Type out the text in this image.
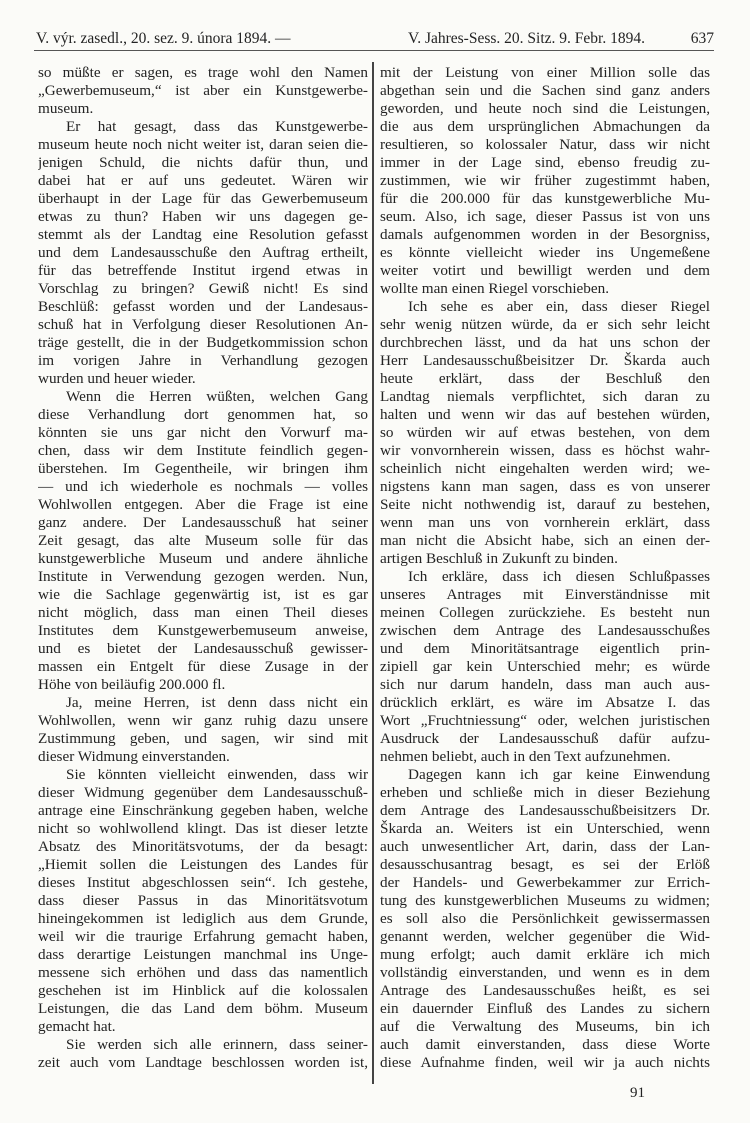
V. výr. zasedl., 20. sez. 9. února 1894. —	V. Jahres-Sess. 20. Sitz. 9. Febr. 1894.	637
so müßte er sagen, es trage wohl den Namen
„Gewerbemuseum,“ ist aber ein Kunstgewerbe-
museum.
Er hat gesagt, dass das Kunstgewerbe-
museum heute noch nicht weiter ist, daran seien die-
jenigen Schuld, die nichts dafür thun, und
dabei hat er auf uns gedeutet. Wären wir
überhaupt in der Lage für das Gewerbemuseum
etwas zu thun? Haben wir uns dagegen ge-
stemmt als der Landtag eine Resolution gefasst
und dem Landesausschuße den Auftrag ertheilt,
für das betreffende Institut irgend etwas in
Vorschlag zu bringen? Gewiß nicht! Es sind
Beschlüß: gefasst worden und der Landesaus-
schuß hat in Verfolgung dieser Resolutionen An-
träge gestellt, die in der Budgetkommission schon
im vorigen Jahre in Verhandlung gezogen
wurden und heuer wieder.
Wenn die Herren wüßten, welchen Gang
diese Verhandlung dort genommen hat, so
könnten sie uns gar nicht den Vorwurf ma-
chen, dass wir dem Institute feindlich gegen-
überstehen. Im Gegentheile, wir bringen ihm
— und ich wiederhole es nochmals — volles
Wohlwollen entgegen. Aber die Frage ist eine
ganz andere. Der Landesausschuß hat seiner
Zeit gesagt, das alte Museum solle für das
kunstgewerbliche Museum und andere ähnliche
Institute in Verwendung gezogen werden. Nun,
wie die Sachlage gegenwärtig ist, ist es gar
nicht möglich, dass man einen Theil dieses
Institutes dem Kunstgewerbemuseum anweise,
und es bietet der Landesausschuß gewisser-
massen ein Entgelt für diese Zusage in der
Höhe von beiläufig 200.000 fl.
Ja, meine Herren, ist denn dass nicht ein
Wohlwollen, wenn wir ganz ruhig dazu unsere
Zustimmung geben, und sagen, wir sind mit
dieser Widmung einverstanden.
Sie könnten vielleicht einwenden, dass wir
dieser Widmung gegenüber dem Landesausschuß-
antrage eine Einschränkung gegeben haben, welche
nicht so wohlwollend klingt. Das ist dieser letzte
Absatz des Minoritätsvotums, der da besagt:
„Hiemit sollen die Leistungen des Landes für
dieses Institut abgeschlossen sein“. Ich gestehe,
dass dieser Passus in das Minoritätsvotum
hineingekommen ist lediglich aus dem Grunde,
weil wir die traurige Erfahrung gemacht haben,
dass derartige Leistungen manchmal ins Unge-
messene sich erhöhen und dass das namentlich
geschehen ist im Hinblick auf die kolossalen
Leistungen, die das Land dem böhm. Museum
gemacht hat.
Sie werden sich alle erinnern, dass seiner-
zeit auch vom Landtage beschlossen worden ist,
mit der Leistung von einer Million solle das
abgethan sein und die Sachen sind ganz anders
geworden, und heute noch sind die Leistungen,
die aus dem ursprünglichen Abmachungen da
resultieren, so kolossaler Natur, dass wir nicht
immer in der Lage sind, ebenso freudig zu-
zustimmen, wie wir früher zugestimmt haben,
für die 200.000 für das kunstgewerbliche Mu-
seum. Also, ich sage, dieser Passus ist von uns
damals aufgenommen worden in der Besorgniss,
es könnte vielleicht wieder ins Ungemeßene
weiter votirt und bewilligt werden und dem
wollte man einen Riegel vorschieben.
Ich sehe es aber ein, dass dieser Riegel
sehr wenig nützen würde, da er sich sehr leicht
durchbrechen lässt, und da hat uns schon der
Herr Landesausschußbeisitzer Dr. Škarda auch
heute erklärt, dass der Beschluß den
Landtag niemals verpflichtet, sich daran zu
halten und wenn wir das auf bestehen würden,
so würden wir auf etwas bestehen, von dem
wir vonvornherein wissen, dass es höchst wahr-
scheinlich nicht eingehalten werden wird; we-
nigstens kann man sagen, dass es von unserer
Seite nicht nothwendig ist, darauf zu bestehen,
wenn man uns von vornherein erklärt, dass
man nicht die Absicht habe, sich an einen der-
artigen Beschluß in Zukunft zu binden.
Ich erkläre, dass ich diesen Schlußpasses
unseres Antrages mit Einverständnisse mit
meinen Collegen zurückziehe. Es besteht nun
zwischen dem Antrage des Landesausschußes
und dem Minoritätsantrage eigentlich prin-
zipiell gar kein Unterschied mehr; es würde
sich nur darum handeln, dass man auch aus-
drücklich erklärt, es wäre im Absatze I. das
Wort „Fruchtniessung“ oder, welchen juristischen
Ausdruck der Landesausschuß dafür aufzu-
nehmen beliebt, auch in den Text aufzunehmen.
Dagegen kann ich gar keine Einwendung
erheben und schließe mich in dieser Beziehung
dem Antrage des Landesausschußbeisitzers Dr.
Škarda an. Weiters ist ein Unterschied, wenn
auch unwesentlicher Art, darin, dass der Lan-
desausschusantrag besagt, es sei der Erlöß
der Handels- und Gewerbekammer zur Errich-
tung des kunstgewerblichen Museums zu widmen;
es soll also die Persönlichkeit gewissermassen
genannt werden, welcher gegenüber die Wid-
mung erfolgt; auch damit erkläre ich mich
vollständig einverstanden, und wenn es in dem
Antrage des Landesausschußes heißt, es sei
ein dauernder Einfluß des Landes zu sichern
auf die Verwaltung des Museums, bin ich
auch damit einverstanden, dass diese Worte
diese Aufnahme finden, weil wir ja auch nichts
91
